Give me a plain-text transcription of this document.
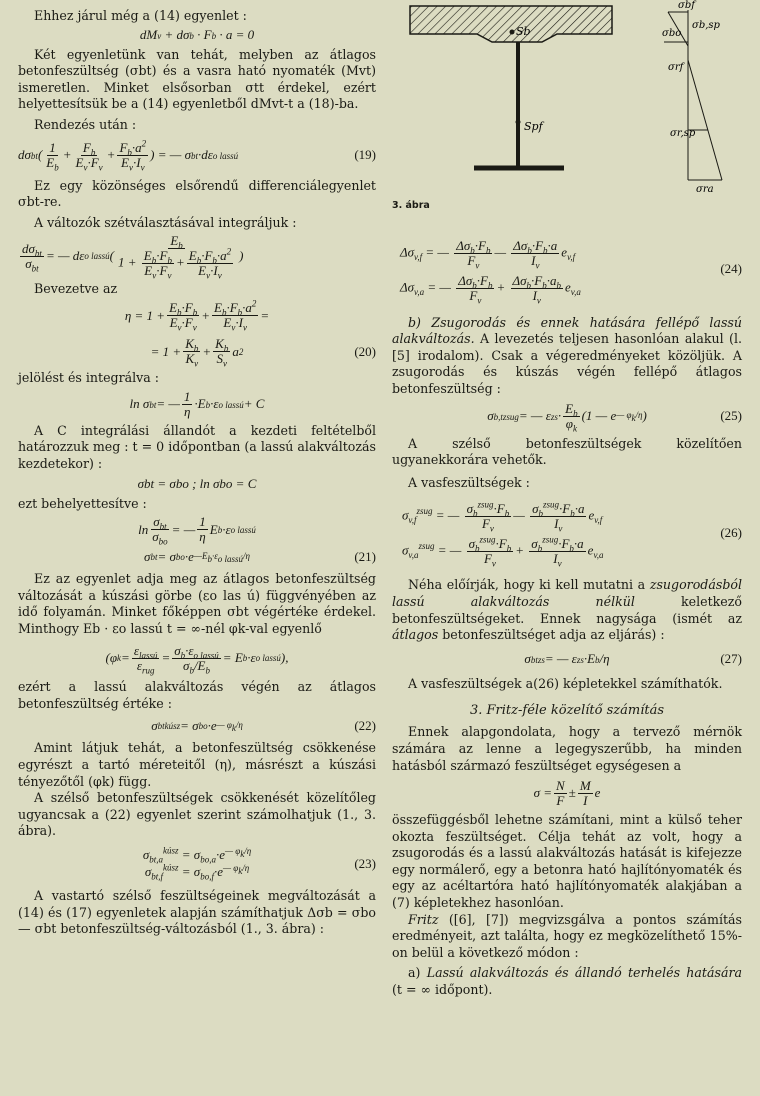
Ehhez járul még a (14) egyenlet :

dM v + dσ b · F b · a = 0

Két egyenletünk van tehát, melyben az átlagos betonfeszültség (σbt) és a vasra ható nyomaték (Mvt) ismeretlen. Minket elsősorban σtt érdekel, ezért helyettesítsük be a (14) egyenletből dMvt-t a (18)-ba.

Rendezés után :

dσ bt ( 1
$E_b$
+ $F_b$
$E_v\cdot F_v$
+ $F_b\cdot a^2$
$E_v\cdot I_v$
) = — σ bt ·dε o lassú	(19)

Ez egy közönséges elsőrendű differenciálegyenlet σbt-re.

A változók szétválasztásával integráljuk :

$d\sigma_{bt}$
$\sigma_{bt}$
= — dε o lassú (
$E_b$
$1 + \frac{E_b\cdot F_b}{E_v\cdot F_v} + \frac{E_b\cdot F_b\cdot a^2}{E_v\cdot I_v}$ )

Bevezetve az

$\eta = 1 + E_b\cdot F_b$
$E_v\cdot F_v$
+ $E_b\cdot F_b\cdot a^2$
$E_v\cdot I_v$
=
= $1 + K_b$
$K_v$
+ $K_b$
$S_v$
a 2	(20)

jelölést és integrálva :

ln σ bt = — 1
η
·E b ·ε o lassú + C

A C integrálási állandót a kezdeti feltételből határozzuk meg : t = 0 időpontban (a lassú alakváltozás kezdetekor) :

σbt = σbo ; ln σbo = C

ezt behelyettesítve :

$\ln \sigma_{bt}$
$\sigma_{bo}$
= — 1
η
E b ·ε o lassú
σ bt = σ bo ·e $—E_b\cdot\varepsilon_{o lassú}/\eta$	(21)

Ez az egyenlet adja meg az átlagos betonfeszültség változását a kúszási görbe (εo las ú) függvényében az idő folyamán. Minket főképpen σbt végértéke érdekel. Minthogy Eb · εo lassú t = ∞-nél φk-val egyenlő

(φ $k = \varepsilon_{lassú}$
$\varepsilon_{rug}$
= $\sigma_b\cdot\varepsilon_{o lassú}$
$\sigma_b/E_b$
= E b ·ε o lassú ),

ezért a lassú alakváltozás végén az átlagos betonfeszültség értéke :

σ bt kúsz = σ bo ·e — $\varphi_k/\eta$	(22)

Amint látjuk tehát, a betonfeszültség csökkenése egyrészt a tartó méreteitől (η), másrészt a kúszási tényezőtől (φk) függ.

A szélső betonfeszültségek csökkenését közelítőleg ugyancsak a (22) egyenlet szerint számolhatjuk (1., 3. ábra).

$\sigma_{bt,a}^{kúsz} = \sigma_{bo,a}\cdot e^{— \varphi_k/\eta}$
$\sigma_{bt,f}^{kúsz} = \sigma_{bo,f}\cdot e^{— \varphi_k/\eta}$	(23)

A vastartó szélső feszültségeinek megváltozását a (14) és (17) egyenletek alapján számíthatjuk Δσb = σbo — σbt betonfeszültség-változásból (1., 3. ábra) :

Sb
Spf
σbf
σbo
σb,sp
σrf
σr,sp
σra

3. ábra

$\Delta\sigma_{v,f}$ = — $\Delta\sigma_b\cdot F_b$
$F_v$
— $\Delta\sigma_b\cdot F_b\cdot a$
$I_v$
$e_{v,f}$
$\Delta\sigma_{v,a}$ = — $\Delta\sigma_b\cdot F_b$
$F_v$
+ $\Delta\sigma_b\cdot F_b\cdot a_b$
$I_v$
$e_{v,a}$
(24)

b) Zsugorodás és ennek hatására fellépő lassú alakváltozás. A levezetés teljesen hasonlóan alakul (l. [5] irodalom). Csak a végeredményeket közöljük. A zsugorodás és kúszás végén fellépő átlagos betonfeszültség :

σ b,t zsug = — ε zs · $E_b$
$\varphi_k$
(1 — e — $\varphi_k/\eta$ )	(25)

A szélső betonfeszültségek közelítően ugyanekkorára vehetők.

A vasfeszültségek :

$\sigma_{v,f}^{zsug}$ = — $\sigma_b^{zsug}\cdot F_b$
$F_v$
— $\sigma_b^{zsug}\cdot F_b\cdot a$
$I_v$
$e_{v,f}$
$\sigma_{v,a}^{zsug}$ = — $\sigma_b^{zsug}\cdot F_b$
$F_v$
+ $\sigma_b^{zsug}\cdot F_b\cdot a$
$I_v$
$e_{v,a}$
(26)

Néha előírják, hogy ki kell mutatni a zsugorodásból lassú alakváltozás nélkül keletkező betonfeszültségeket. Ennek nagysága (ismét az átlagos betonfeszültséget adja az eljárás) :

σ bt zs = — ε zs ·E b /η	(27)

A vasfeszültségek a(26) képletekkel számíthatók.

3. Fritz-féle közelítő számítás

Ennek alapgondolata, hogy a tervező mérnök számára az lenne a legegyszerűbb, ha minden hatásból származó feszültséget egységesen a

σ = N
F
± M
I
e

összefüggésből lehetne számítani, mint a külső teher okozta feszültséget. Célja tehát az volt, hogy a zsugorodás és a lassú alakváltozás hatását is kifejezze egy normálerő, egy a betonra ható hajlítónyomaték és egy az acéltartóra ható hajlítónyomaték alakjában a (7) képletekhez hasonlóan.

Fritz ([6], [7]) megvizsgálva a pontos számítás eredményeit, azt találta, hogy ez megközelíthető 15%-on belül a következő módon :

a) Lassú alakváltozás és állandó terhelés hatására (t = ∞ időpont).
